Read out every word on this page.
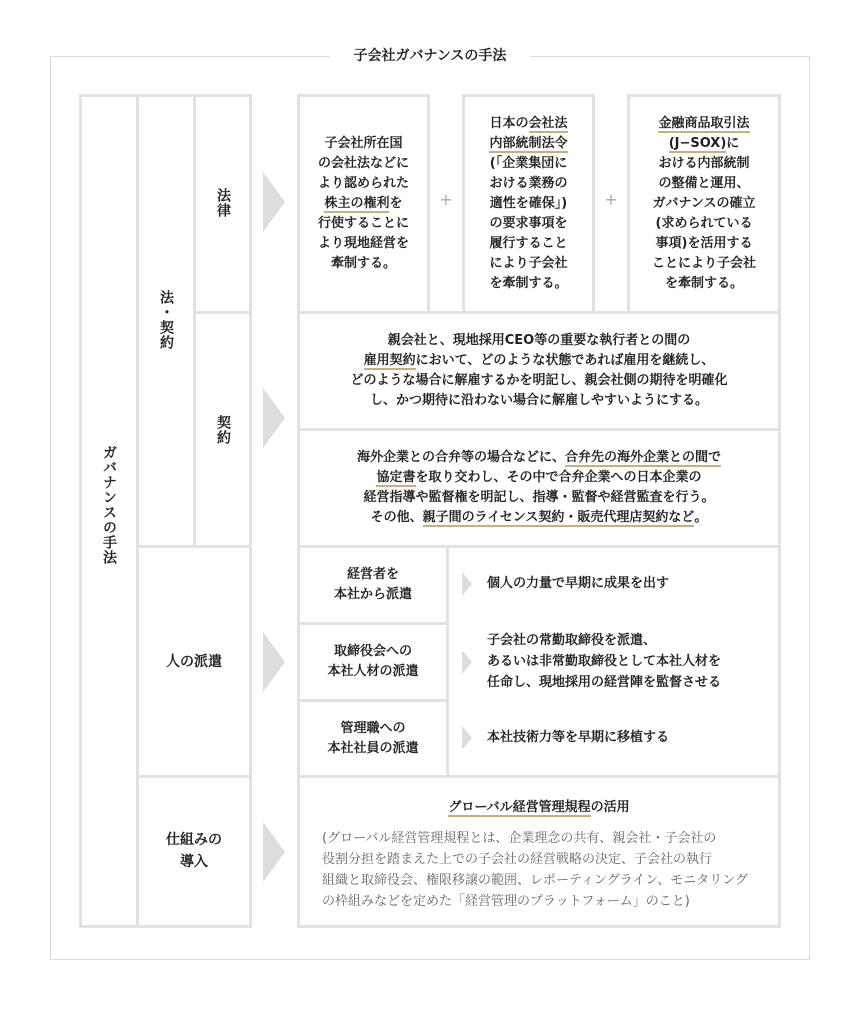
子会社ガバナンスの手法
ガバナンスの手法
法・契約
法律
契約
人の派遣
仕組みの
導入
子会社所在国
の会社法などに
より認められた
株主の権利を
行使することに
より現地経営を
牽制する。
+
日本の会社法
内部統制法令
(「企業集団に
おける業務の
適性を確保」)
の要求事項を
履行すること
により子会社
を牽制する。
+
金融商品取引法
(J−SOX)に
おける内部統制
の整備と運用、
ガバナンスの確立
(求められている
事項)を活用する
ことにより子会社
を牽制する。
親会社と、現地採用CEO等の重要な執行者との間の
雇用契約において、どのような状態であれば雇用を継続し、
どのような場合に解雇するかを明記し、親会社側の期待を明確化
し、かつ期待に沿わない場合に解雇しやすいようにする。
海外企業との合弁等の場合などに、合弁先の海外企業との間で
協定書を取り交わし、その中で合弁企業への日本企業の
経営指導や監督権を明記し、指導・監督や経営監査を行う。
その他、親子間のライセンス契約・販売代理店契約など。
経営者を
本社から派遣
個人の力量で早期に成果を出す
取締役会への
本社人材の派遣
子会社の常勤取締役を派遣、
あるいは非常勤取締役として本社人材を
任命し、現地採用の経営陣を監督させる
管理職への
本社社員の派遣
本社技術力等を早期に移植する
グローバル経営管理規程の活用
(グローバル経営管理規程とは、企業理念の共有、親会社・子会社の
役割分担を踏まえた上での子会社の経営戦略の決定、子会社の執行
組織と取締役会、権限移譲の範囲、レポーティングライン、モニタリング
の枠組みなどを定めた「経営管理のプラットフォーム」のこと)
